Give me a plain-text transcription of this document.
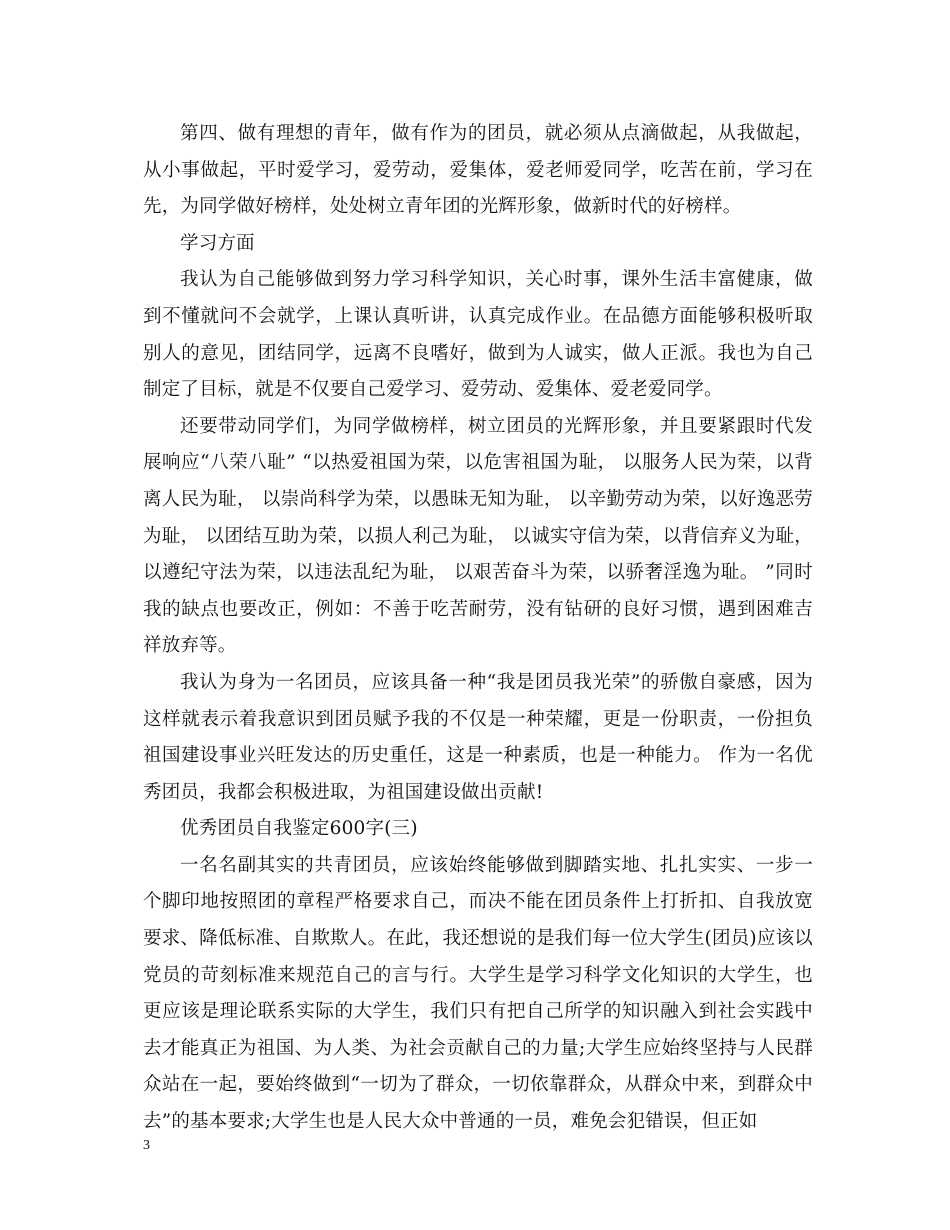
第四、做有理想的青年，做有作为的团员，就必须从点滴做起，从我做起，从小事做起，平时爱学习，爱劳动，爱集体，爱老师爱同学，吃苦在前，学习在先，为同学做好榜样，处处树立青年团的光辉形象，做新时代的好榜样。

学习方面

我认为自己能够做到努力学习科学知识，关心时事，课外生活丰富健康，做到不懂就问不会就学，上课认真听讲，认真完成作业。在品德方面能够积极听取别人的意见，团结同学，远离不良嗜好，做到为人诚实，做人正派。我也为自己制定了目标，就是不仅要自己爱学习、爱劳动、爱集体、爱老爱同学。

还要带动同学们，为同学做榜样，树立团员的光辉形象，并且要紧跟时代发展响应“八荣八耻” “以热爱祖国为荣，以危害祖国为耻， 以服务人民为荣，以背离人民为耻， 以崇尚科学为荣，以愚昧无知为耻， 以辛勤劳动为荣，以好逸恶劳为耻， 以团结互助为荣，以损人利己为耻， 以诚实守信为荣，以背信弃义为耻， 以遵纪守法为荣，以违法乱纪为耻， 以艰苦奋斗为荣，以骄奢淫逸为耻。 ”同时我的缺点也要改正，例如：不善于吃苦耐劳，没有钻研的良好习惯，遇到困难吉祥放弃等。

我认为身为一名团员，应该具备一种“我是团员我光荣”的骄傲自豪感，因为这样就表示着我意识到团员赋予我的不仅是一种荣耀，更是一份职责，一份担负祖国建设事业兴旺发达的历史重任，这是一种素质，也是一种能力。 作为一名优秀团员，我都会积极进取，为祖国建设做出贡献!

优秀团员自我鉴定600字(三)

一名名副其实的共青团员，应该始终能够做到脚踏实地、扎扎实实、一步一个脚印地按照团的章程严格要求自己，而决不能在团员条件上打折扣、自我放宽要求、降低标准、自欺欺人。在此，我还想说的是我们每一位大学生(团员)应该以党员的苛刻标准来规范自己的言与行。大学生是学习科学文化知识的大学生，也更应该是理论联系实际的大学生，我们只有把自己所学的知识融入到社会实践中去才能真正为祖国、为人类、为社会贡献自己的力量;大学生应始终坚持与人民群众站在一起，要始终做到“一切为了群众，一切依靠群众，从群众中来，到群众中去”的基本要求;大学生也是人民大众中普通的一员，难免会犯错误，但正如

3
